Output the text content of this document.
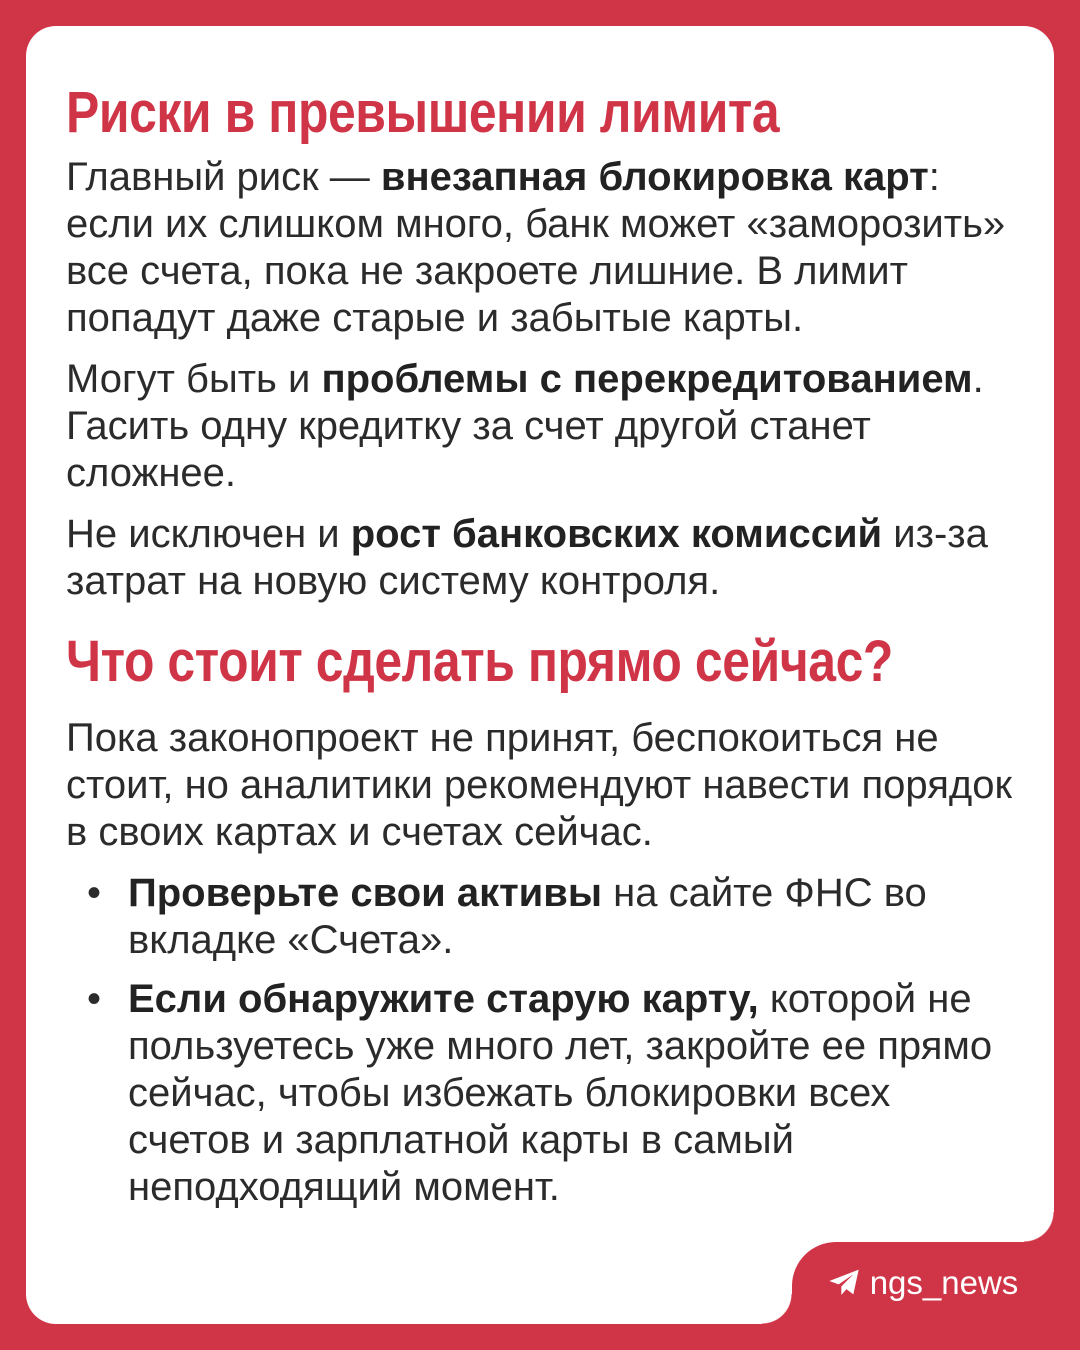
Риски в превышении лимита

Главный риск — внезапная блокировка карт: если их слишком много, банк может «заморозить» все счета, пока не закроете лишние. В лимит попадут даже старые и забытые карты.

Могут быть и проблемы с перекредитованием. Гасить одну кредитку за счет другой станет сложнее.

Не исключен и рост банковских комиссий из‑за затрат на новую систему контроля.

Что стоит сделать прямо сейчас?

Пока законопроект не принят, беспокоиться не стоит, но аналитики рекомендуют навести порядок в своих картах и счетах сейчас.

• Проверьте свои активы на сайте ФНС во вкладке «Счета».
• Если обнаружите старую карту, которой не пользуетесь уже много лет, закройте ее прямо сейчас, чтобы избежать блокировки всех счетов и зарплатной карты в самый неподходящий момент.
ngs_news
